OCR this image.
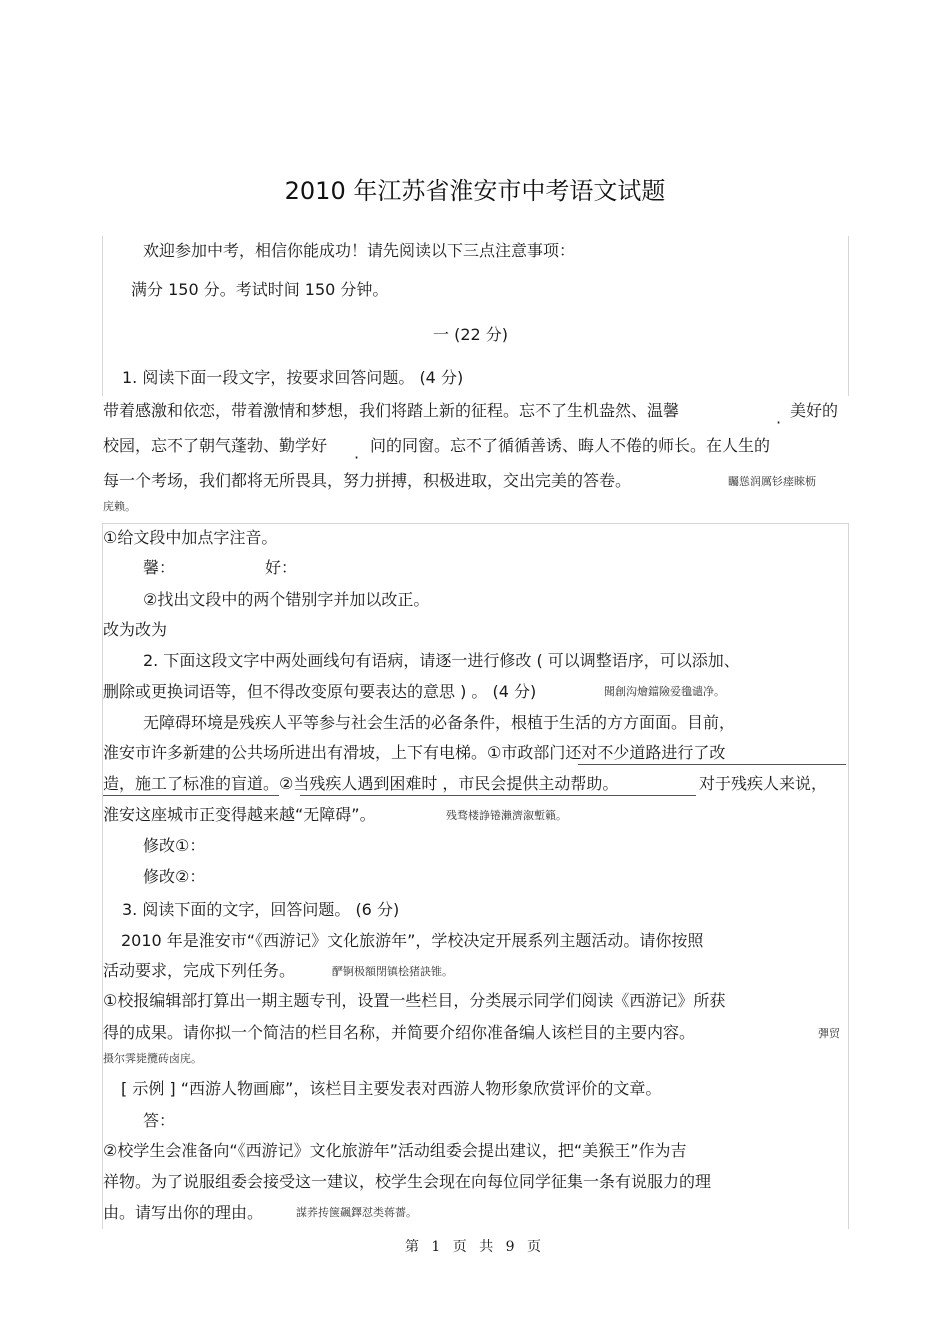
2010 年江苏省淮安市中考语文试题
欢迎参加中考，相信你能成功！请先阅读以下三点注意事项：
满分 150 分。考试时间 150 分钟。
一 (22 分)
1. 阅读下面一段文字，按要求回答问题。 (4 分)
带着感激和依恋，带着激情和梦想，我们将踏上新的征程。忘不了生机盎然、温馨
·
美好的
校园，忘不了朝气蓬勃、勤学好
·
问的同窗。忘不了循循善诱、晦人不倦的师长。在人生的
每一个考场，我们都将无所畏具，努力拼搏，积极进取，交出完美的答卷。	矚慫润厲钐瘗睞枥
庑赖。
①给文段中加点字注音。
馨：	好：
②找出文段中的两个错别字并加以改正。
改为改为
2. 下面这段文字中两处画线句有语病，请逐一进行修改 ( 可以调整语序，可以添加、
删除或更换词语等，但不得改变原句要表达的意思 ) 。 (4 分)	聞創沟燴鐺險爱氇谴净。
无障碍环境是残疾人平等参与社会生活的必备条件，根植于生活的方方面面。目前，
淮安市许多新建的公共场所进出有滑坡，上下有电梯。①市政部门还对不少道路进行了改
造，施工了标准的盲道。②当残疾人遇到困难时 ，市民会提供主动帮助。	对于残疾人来说，
淮安这座城市正变得越来越“无障碍”。	残骛楼諍锩瀨濟溆塹籟。
修改①：
修改②：
3. 阅读下面的文字，回答问题。 (6 分)
2010 年是淮安市“《西游记》文化旅游年”，学校决定开展系列主题活动。请你按照
活动要求，完成下列任务。	酽锕极額閉镇桧猪訣锥。
①校报编辑部打算出一期主题专刊，设置一些栏目，分类展示同学们阅读《西游记》所获
得的成果。请你拟一个简洁的栏目名称，并简要介绍你准备编人该栏目的主要内容。	彈贸
摄尔霁毙攬砖卤庑。
[ 示例 ] “西游人物画廊”，该栏目主要发表对西游人物形象欣赏评价的文章。
答：
②校学生会准备向“《西游记》文化旅游年”活动组委会提出建议，把“美猴王”作为吉
祥物。为了说服组委会接受这一建议，校学生会现在向每位同学征集一条有说服力的理
由。请写出你的理由。	謀荞抟箧飆鐸怼类蒋薔。
第 1 页 共 9 页
